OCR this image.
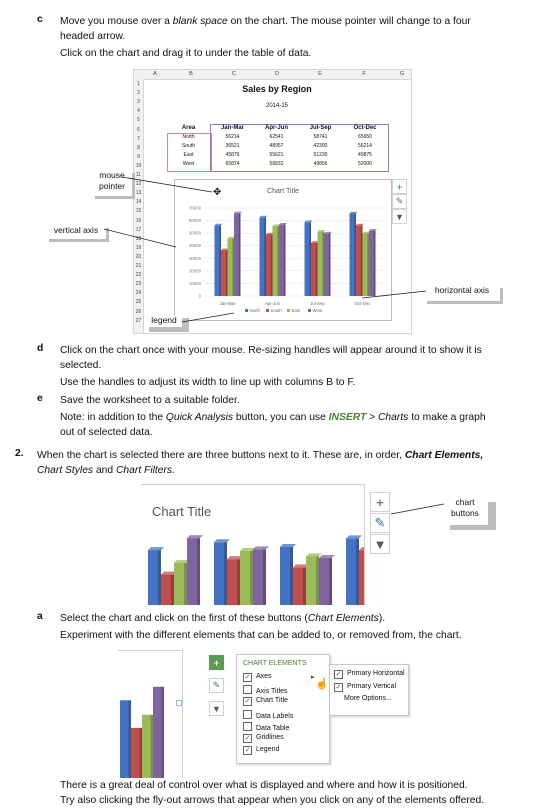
c Move you mouse over a blank space on the chart. The mouse pointer will change to a four
headed arrow.
Click on the chart and drag it to under the table of data.
A	B	C	D	E	F	G
1
2
3
4
5
6
7
8
9
10
11
12
13
14
15
16
17
18
19
20
21
22
23
24
25
26
27
Sales by Region
2014-15
Area	Jan-Mar	Apr-Jun	Jul-Sep	Oct-Dec
North	56214	62541	58741	65650
South	36521	48957	42300	56214
East	45879	55621	51230	49875
West	65874	56832	49856	52000
Chart Title
70000
60000
50000
40000
30000
20000
10000
0
Jan-Mar	Apr-Jun	Jul-Sep	Oct-Dec
North South East	West
+
✎
▼
mouse pointer
✥
vertical axis
horizontal axis
legend
d Click on the chart once with your mouse. Re-sizing handles will appear around it to show it is
selected.
Use the handles to adjust its width to line up with columns B to F.
e Save the worksheet to a suitable folder.
Note: in addition to the Quick Analysis button, you can use INSERT > Charts to make a graph
out of selected data.
2. When the chart is selected there are three buttons next to it. These are, in order, Chart Elements,
Chart Styles and Chart Filters.
Chart Title
+
✎
▼
chart buttons
a Select the chart and click on the first of these buttons (Chart Elements).
Experiment with the different elements that can be added to, or removed from, the chart.
+
✎
▼
CHART ELEMENTS
✓ Axes
Axis Titles
✓ Chart Title
Data Labels
Data Table
✓ Gridlines
✓ Legend
▸
☝
✓ Primary Horizontal
✓ Primary Vertical
More Options...
There is a great deal of control over what is displayed and where and how it is positioned.
Try also clicking the fly-out arrows that appear when you click on any of the elements offered.
